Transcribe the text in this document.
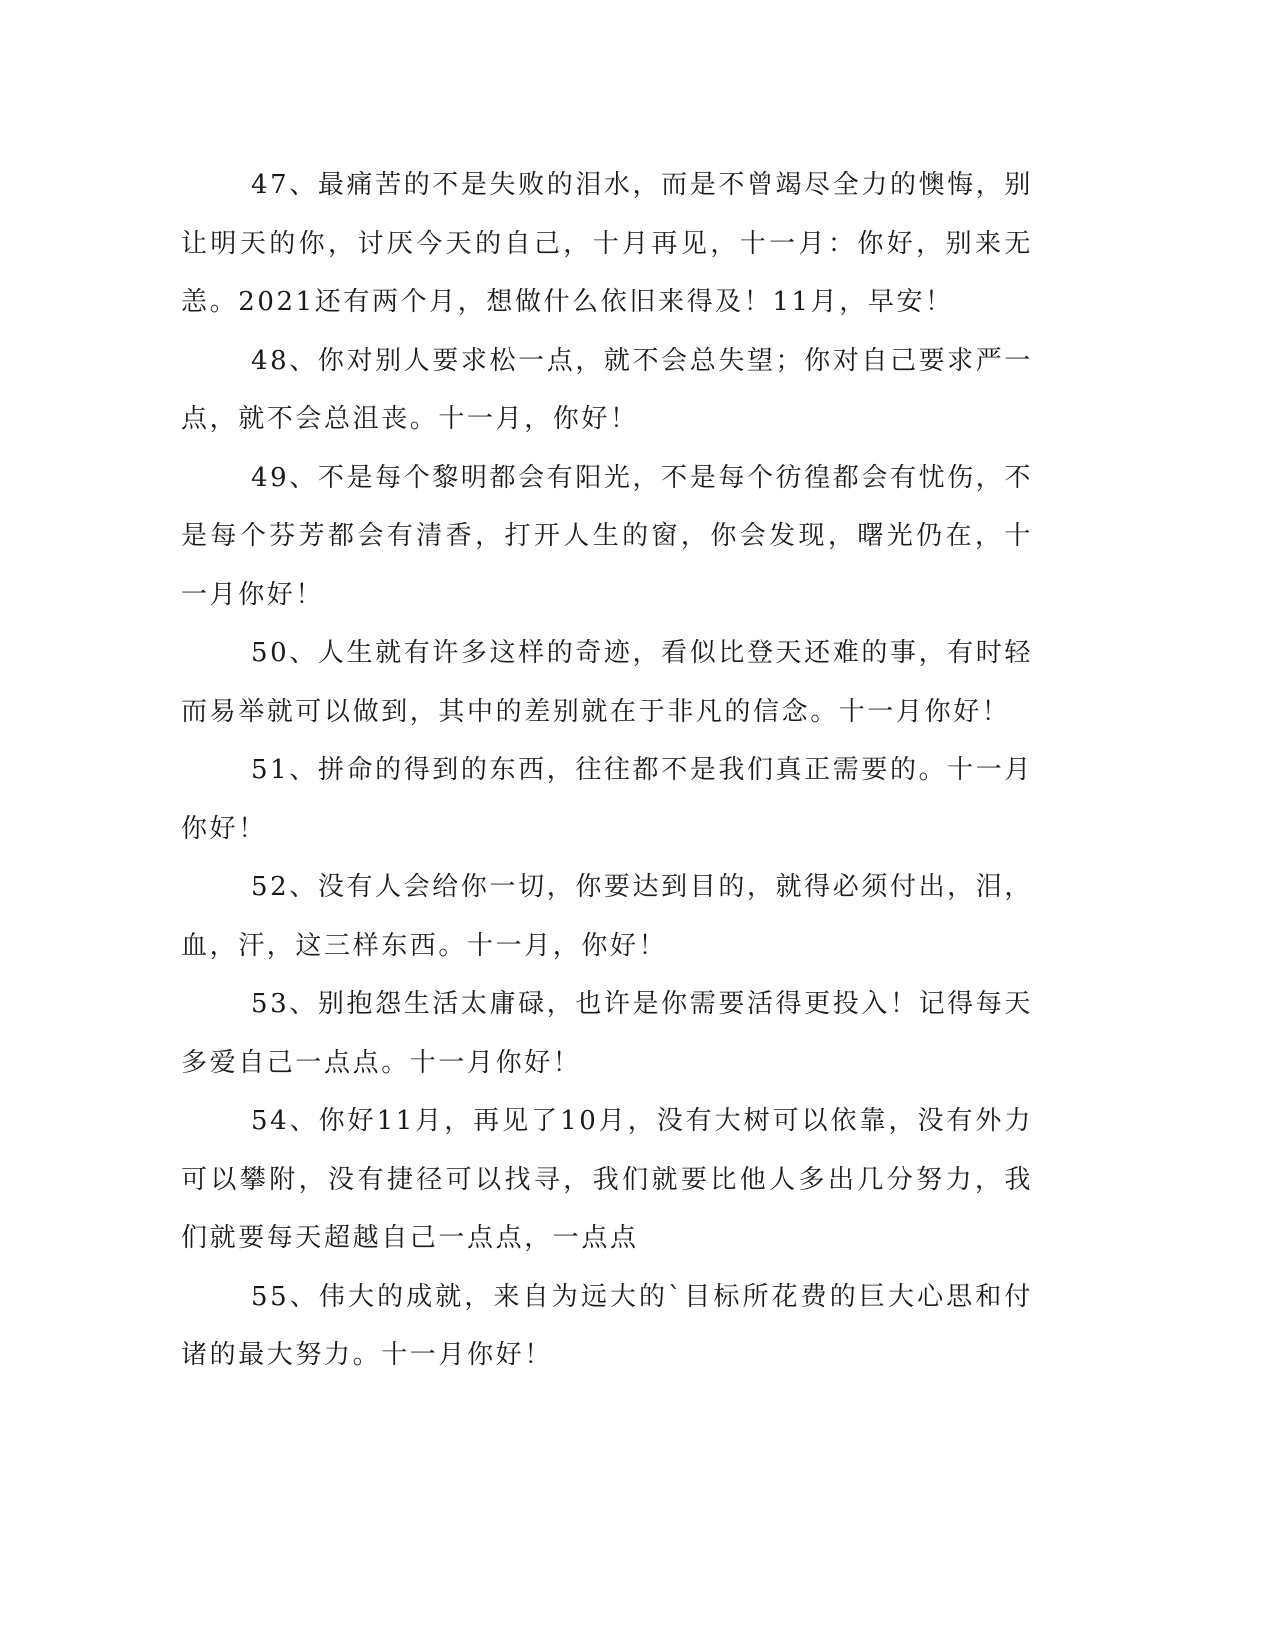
47、最痛苦的不是失败的泪水，而是不曾竭尽全力的懊悔，别让明天的你，讨厌今天的自己，十月再见，十一月：你好，别来无恙。2021还有两个月，想做什么依旧来得及！11月，早安！

48、你对别人要求松一点，就不会总失望；你对自己要求严一点，就不会总沮丧。十一月，你好！

49、不是每个黎明都会有阳光，不是每个彷徨都会有忧伤，不是每个芬芳都会有清香，打开人生的窗，你会发现，曙光仍在，十一月你好！

50、人生就有许多这样的奇迹，看似比登天还难的事，有时轻而易举就可以做到，其中的差别就在于非凡的信念。十一月你好！

51、拼命的得到的东西，往往都不是我们真正需要的。十一月你好！

52、没有人会给你一切，你要达到目的，就得必须付出，泪，血，汗，这三样东西。十一月，你好！

53、别抱怨生活太庸碌，也许是你需要活得更投入！记得每天多爱自己一点点。十一月你好！

54、你好11月，再见了10月，没有大树可以依靠，没有外力可以攀附，没有捷径可以找寻，我们就要比他人多出几分努力，我们就要每天超越自己一点点，一点点

55、伟大的成就，来自为远大的`目标所花费的巨大心思和付诸的最大努力。十一月你好！
